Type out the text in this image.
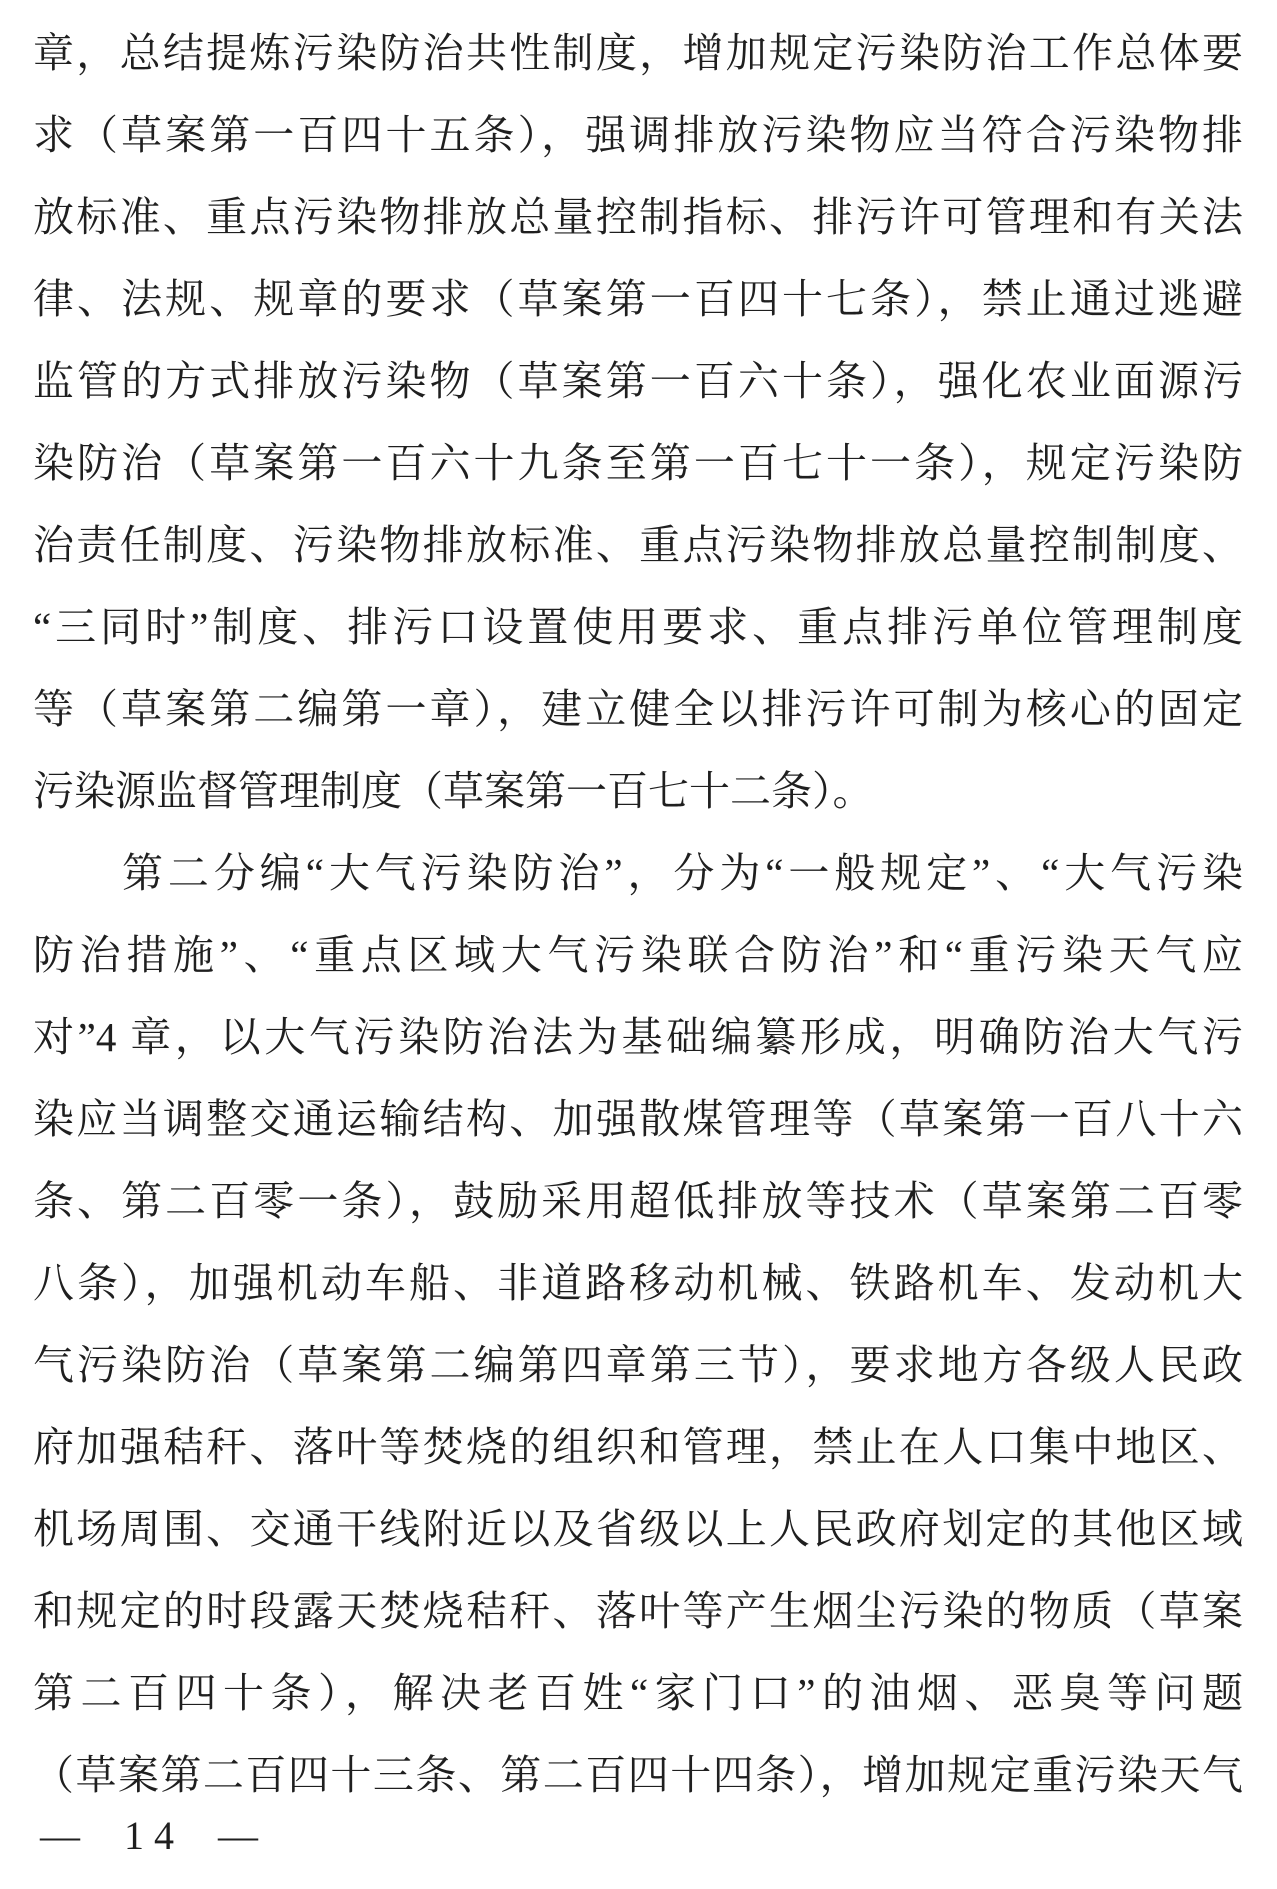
章，总结提炼污染防治共性制度，增加规定污染防治工作总体要

求（草案第一百四十五条），强调排放污染物应当符合污染物排

放标准、重点污染物排放总量控制指标、排污许可管理和有关法

律、法规、规章的要求（草案第一百四十七条），禁止通过逃避

监管的方式排放污染物（草案第一百六十条），强化农业面源污

染防治（草案第一百六十九条至第一百七十一条），规定污染防

治责任制度、污染物排放标准、重点污染物排放总量控制制度、

“三同时”制度、排污口设置使用要求、重点排污单位管理制度

等（草案第二编第一章），建立健全以排污许可制为核心的固定

污染源监督管理制度（草案第一百七十二条）。

第二分编“大气污染防治”，分为“一般规定”、“大气污染

防治措施”、“重点区域大气污染联合防治”和“重污染天气应

对”4 章，以大气污染防治法为基础编纂形成，明确防治大气污

染应当调整交通运输结构、加强散煤管理等（草案第一百八十六

条、第二百零一条），鼓励采用超低排放等技术（草案第二百零

八条），加强机动车船、非道路移动机械、铁路机车、发动机大

气污染防治（草案第二编第四章第三节），要求地方各级人民政

府加强秸秆、落叶等焚烧的组织和管理，禁止在人口集中地区、

机场周围、交通干线附近以及省级以上人民政府划定的其他区域

和规定的时段露天焚烧秸秆、落叶等产生烟尘污染的物质（草案

第二百四十条），解决老百姓“家门口”的油烟、恶臭等问题

（草案第二百四十三条、第二百四十四条），增加规定重污染天气

— 14 —
